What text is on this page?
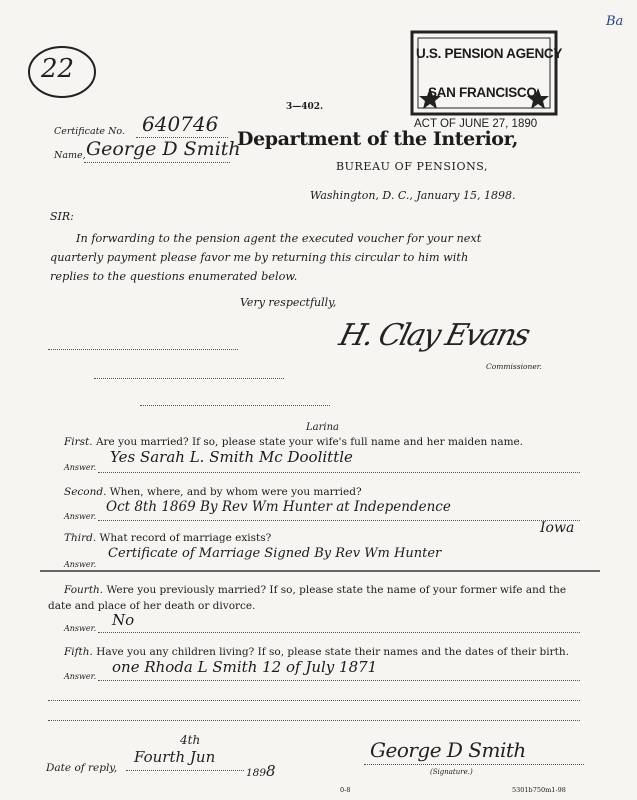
22
Ba
U.S. PENSION AGENCY
SAN FRANCISCO.
ACT OF JUNE 27, 1890
3—402.
Certificate No. 640746
Name, George D Smith
Department of the Interior,
BUREAU OF PENSIONS,
Washington, D. C., January 15, 1898.
SIR:
In forwarding to the pension agent the executed voucher for your next
quarterly payment please favor me by returning this circular to him with
replies to the questions enumerated below.
Very respectfully,
H. Clay Evans
Commissioner.
First. Are you married? If so, please state your wife's full name and her maiden name.
Larina
Answer.
Yes Sarah L. Smith Mc Doolittle
Second. When, where, and by whom were you married?
Answer.
Oct 8th 1869 By Rev Wm Hunter at Independence
Iowa
Third. What record of marriage exists?
Answer.
Certificate of Marriage Signed By Rev Wm Hunter
Fourth. Were you previously married? If so, please state the name of your former wife and the
date and place of her death or divorce.
Answer. No
Fifth. Have you any children living? If so, please state their names and the dates of their birth.
Answer.
one Rhoda L Smith 12 of July 1871
Date of reply,
4th
Fourth Jun
1898
George D Smith
(Signature.)
0-8	5301b750m1-98
